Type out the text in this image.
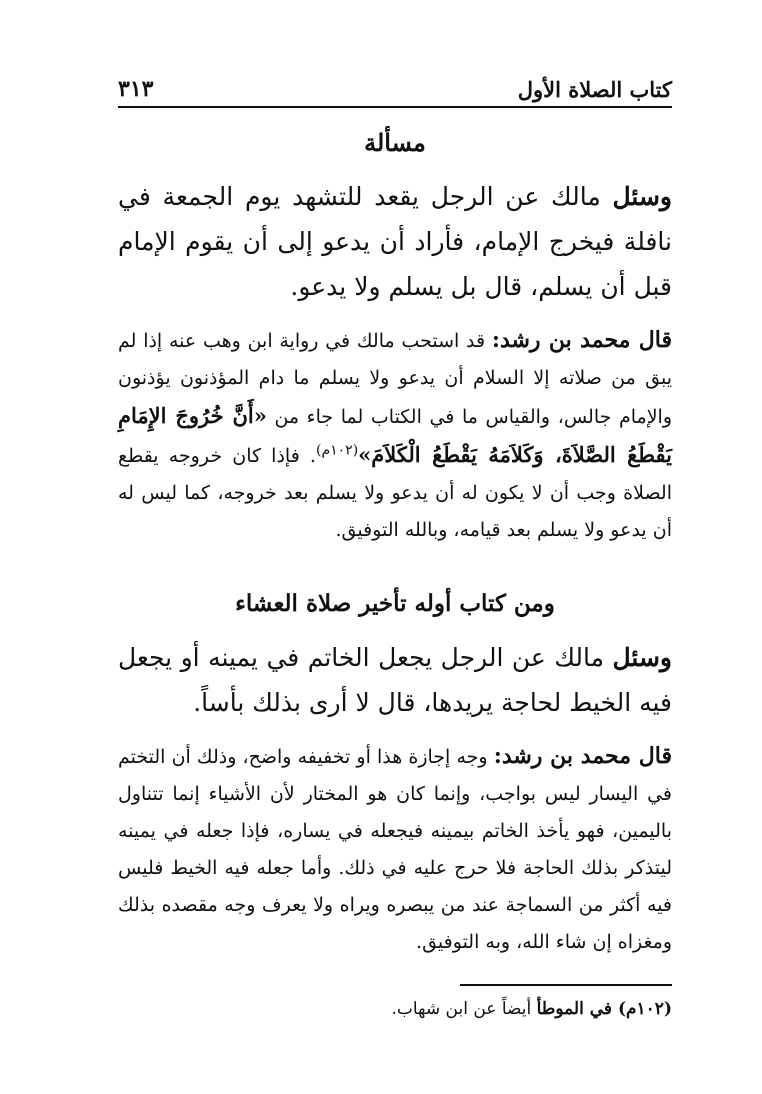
كتاب الصلاة الأول
٣١٣
مسألة
وسئل مالك عن الرجل يقعد للتشهد يوم الجمعة في نافلة فيخرج الإمام، فأراد أن يدعو إلى أن يقوم الإمام قبل أن يسلم، قال بل يسلم ولا يدعو.
قال محمد بن رشد: قد استحب مالك في رواية ابن وهب عنه إذا لم يبق من صلاته إلا السلام أن يدعو ولا يسلم ما دام المؤذنون يؤذنون والإمام جالس، والقياس ما في الكتاب لما جاء من «أَنَّ خُرُوجَ الإِمَامِ يَقْطَعُ الصَّلاَةَ، وَكَلاَمَهُ يَقْطَعُ الْكَلاَمَ»$^{(١٠٢م)}$. فإذا كان خروجه يقطع الصلاة وجب أن لا يكون له أن يدعو ولا يسلم بعد خروجه، كما ليس له أن يدعو ولا يسلم بعد قيامه، وبالله التوفيق.
ومن كتاب أوله تأخير صلاة العشاء
وسئل مالك عن الرجل يجعل الخاتم في يمينه أو يجعل فيه الخيط لحاجة يريدها، قال لا أرى بذلك بأساً.
قال محمد بن رشد: وجه إجازة هذا أو تخفيفه واضح، وذلك أن التختم في اليسار ليس بواجب، وإنما كان هو المختار لأن الأشياء إنما تتناول باليمين، فهو يأخذ الخاتم بيمينه فيجعله في يساره، فإذا جعله في يمينه ليتذكر بذلك الحاجة فلا حرج عليه في ذلك. وأما جعله فيه الخيط فليس فيه أكثر من السماجة عند من يبصره ويراه ولا يعرف وجه مقصده بذلك ومغزاه إن شاء الله، وبه التوفيق.
(١٠٢م) في الموطأ أيضاً عن ابن شهاب.
